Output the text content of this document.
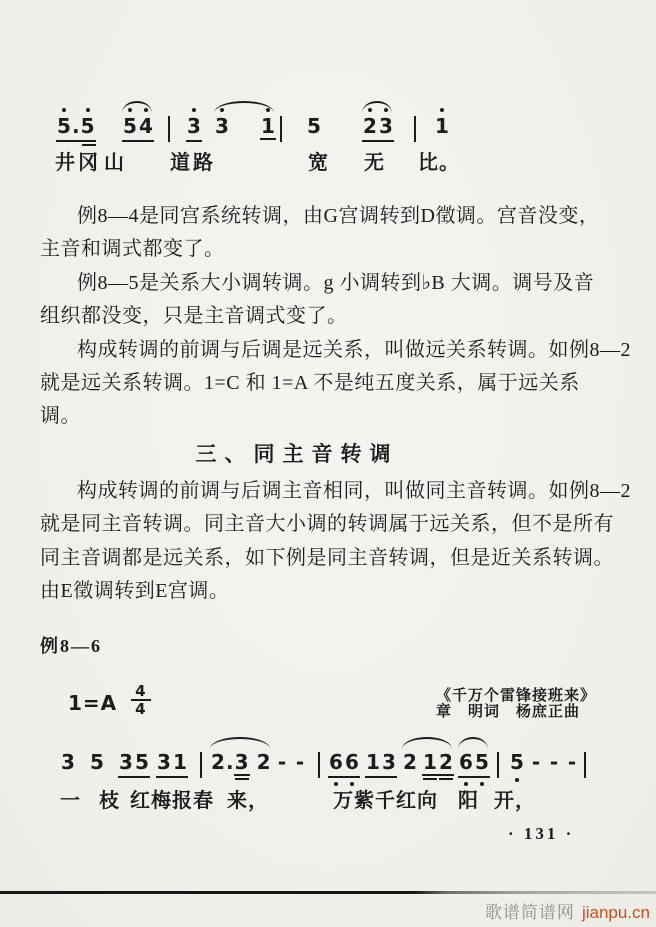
5
.5 5 4 3 3 1 5 2 3 1
井 冈 山 道 路	宽 无 比。
例8—4是同宫系统转调，由G宫调转到D徵调。宫音没变，
主音和调式都变了。
例8—5是关系大小调转调。g 小调转到♭B 大调。调号及音
组织都没变，只是主音调式变了。
构成转调的前调与后调是远关系，叫做远关系转调。如例8—2
就是远关系转调。1=C 和 1=A 不是纯五度关系，属于远关系
调。
三、同主音转调
构成转调的前调与后调主音相同，叫做同主音转调。如例8—2
就是同主音转调。同主音大小调的转调属于远关系，但不是所有
同主音调都是远关系，如下例是同主音转调，但是近关系转调。
由E徵调转到E宫调。
例8—6
$1=A \frac{4}{4}$	《千万个雷锋接班来》
章　明词　杨庶正曲
3 5 3 5 3 1 2.3 2 - - 6 6 1 3 2 1 2 6 5 5 - - -
一 枝 红 梅 报 春 来，	万 紫 千 红 向 阳 开，
· 131 ·
歌谱简谱网 jianpu.cn
